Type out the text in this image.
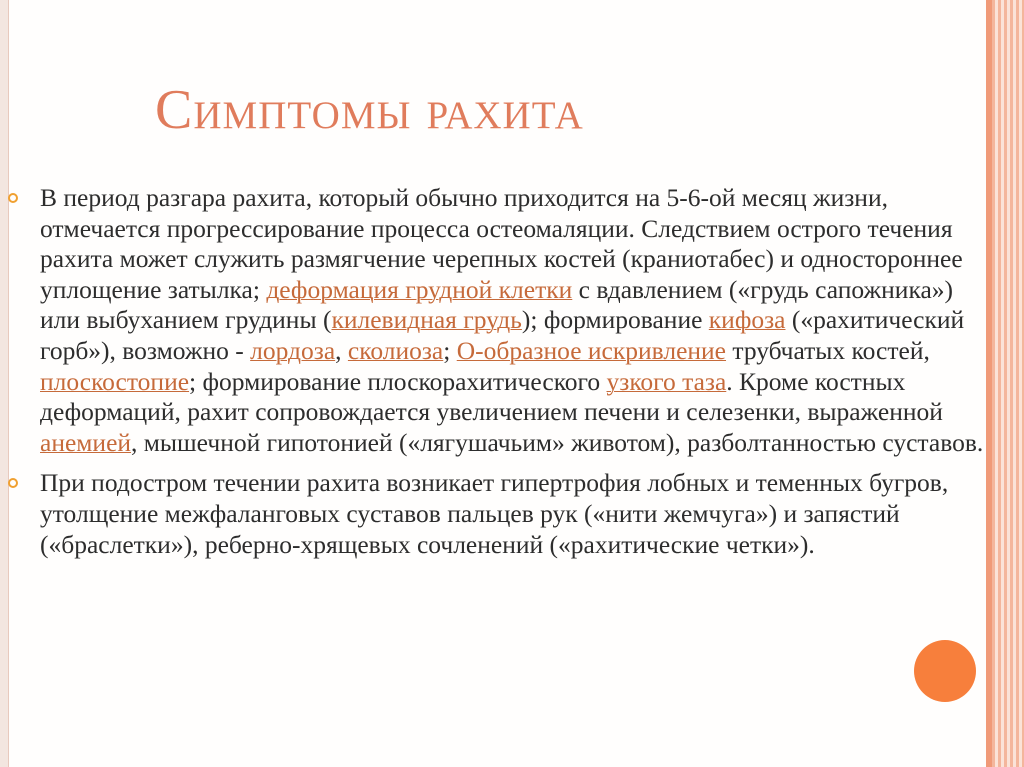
Симптомы рахита

В период разгара рахита, который обычно приходится на 5-6-ой месяц жизни, отмечается прогрессирование процесса остеомаляции. Следствием острого течения рахита может служить размягчение черепных костей (краниотабес) и одностороннее уплощение затылка; деформация грудной клетки с вдавлением («грудь сапожника») или выбуханием грудины (килевидная грудь); формирование кифоза («рахитический горб»), возможно - лордоза, сколиоза; О-образное искривление трубчатых костей, плоскостопие; формирование плоскорахитического узкого таза. Кроме костных деформаций, рахит сопровождается увеличением печени и селезенки, выраженной анемией, мышечной гипотонией («лягушачьим» животом), разболтанностью суставов.

При подостром течении рахита возникает гипертрофия лобных и теменных бугров, утолщение межфаланговых суставов пальцев рук («нити жемчуга») и запястий («браслетки»), реберно-хрящевых сочленений («рахитические четки»).
